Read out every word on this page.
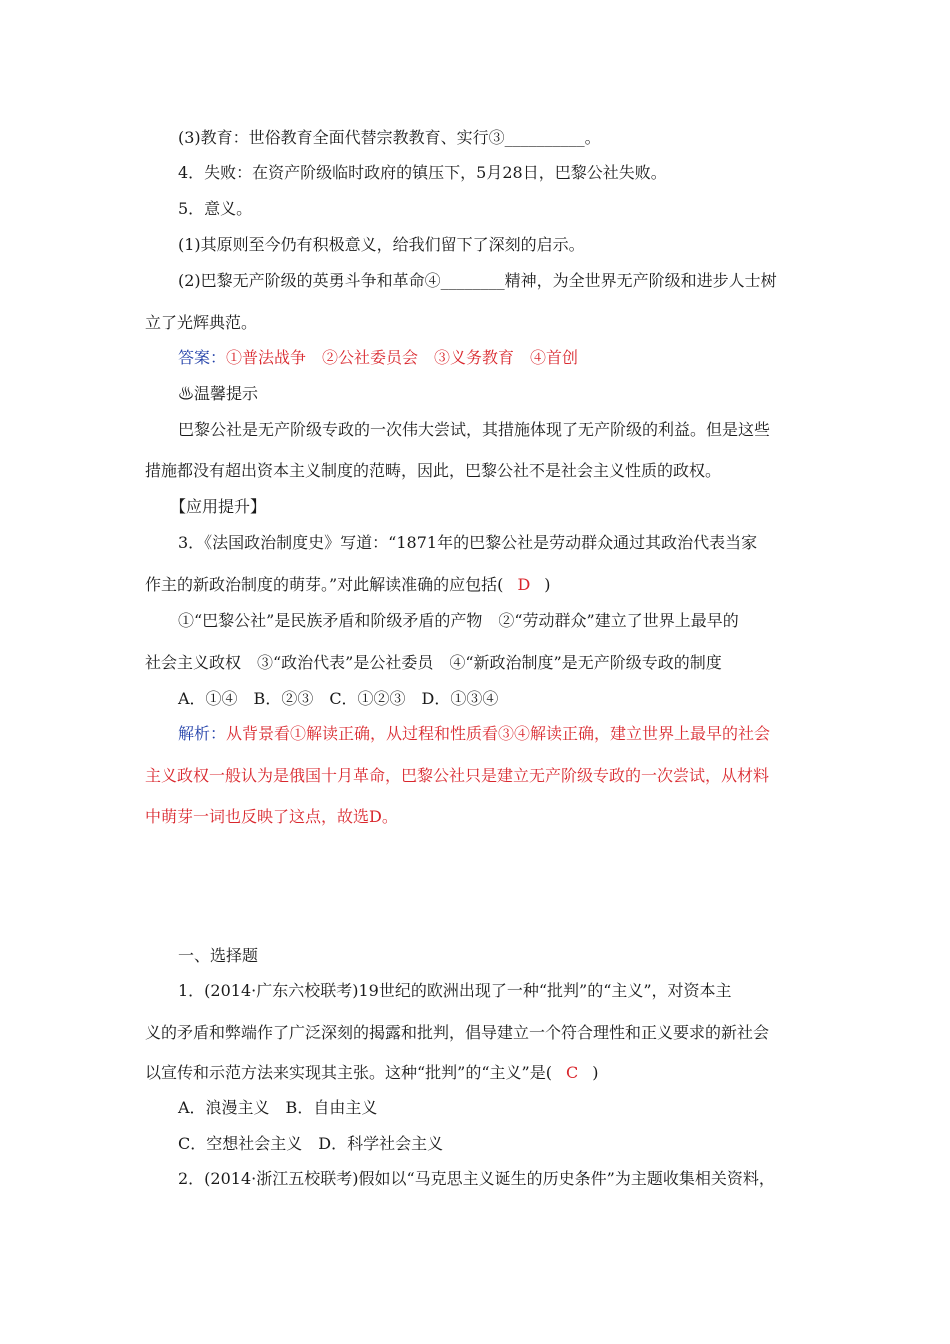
(3)教育：世俗教育全面代替宗教教育、实行③__________。
4．失败：在资产阶级临时政府的镇压下，5月28日，巴黎公社失败。
5．意义。
(1)其原则至今仍有积极意义，给我们留下了深刻的启示。
(2)巴黎无产阶级的英勇斗争和革命④________精神，为全世界无产阶级和进步人士树
立了光辉典范。
答案：①普法战争　②公社委员会　③义务教育　④首创
♨温馨提示
巴黎公社是无产阶级专政的一次伟大尝试，其措施体现了无产阶级的利益。但是这些
措施都没有超出资本主义制度的范畴，因此，巴黎公社不是社会主义性质的政权。
【应用提升】
3．《法国政治制度史》写道：“1871年的巴黎公社是劳动群众通过其政治代表当家
作主的新政治制度的萌芽。”对此解读准确的应包括( D )
①“巴黎公社”是民族矛盾和阶级矛盾的产物　②“劳动群众”建立了世界上最早的
社会主义政权　③“政治代表”是公社委员　④“新政治制度”是无产阶级专政的制度
A．①④　B．②③　C．①②③　D．①③④
解析：从背景看①解读正确，从过程和性质看③④解读正确，建立世界上最早的社会
主义政权一般认为是俄国十月革命，巴黎公社只是建立无产阶级专政的一次尝试，从材料
中萌芽一词也反映了这点，故选D。
一、选择题
1．(2014·广东六校联考)19世纪的欧洲出现了一种“批判”的“主义”，对资本主
义的矛盾和弊端作了广泛深刻的揭露和批判，倡导建立一个符合理性和正义要求的新社会
以宣传和示范方法来实现其主张。这种“批判”的“主义”是( C )
A．浪漫主义　B．自由主义
C．空想社会主义　D．科学社会主义
2．(2014·浙江五校联考)假如以“马克思主义诞生的历史条件”为主题收集相关资料，
